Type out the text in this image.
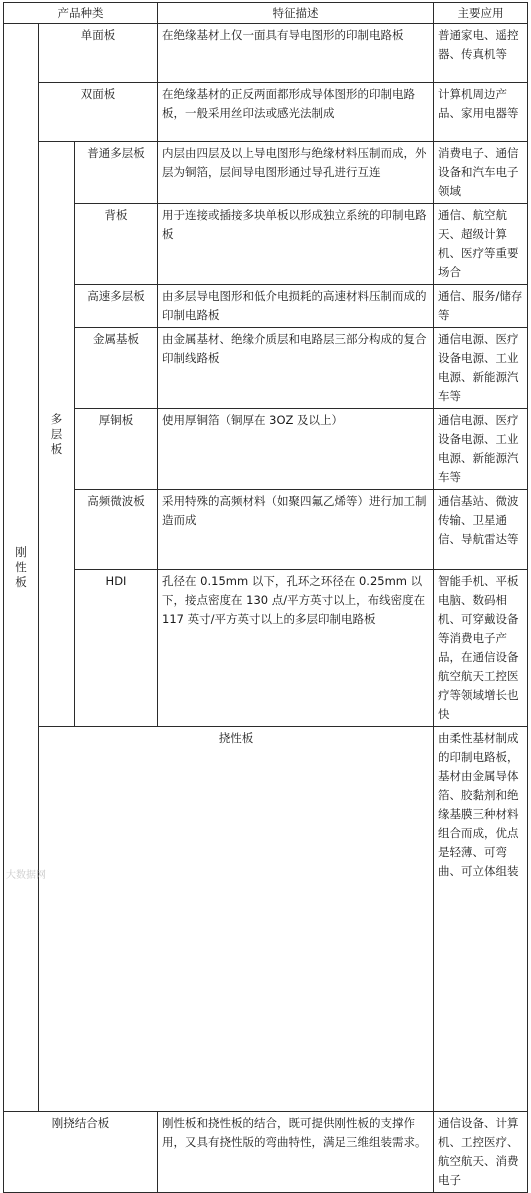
产品种类			特征描述	主要应用	

刚性板	单面板		在绝缘基材上仅一面具有导电图形的印制电路板	普通家电、遥控器、传真机等	
	双面板		在绝缘基材的正反两面都形成导体图形的印制电路板，一般采用丝印法或感光法制成	计算机周边产品、家用电器等	

	多层板	普通多层板	内层由四层及以上导电图形与绝缘材料压制而成，外层为铜箔，层间导电图形通过导孔进行互连	消费电子、通信设备和汽车电子领域	
		背板	用于连接或插接多块单板以形成独立系统的印制电路板	通信、航空航天、超级计算机、医疗等重要场合	
		高速多层板	由多层导电图形和低介电损耗的高速材料压制而成的印制电路板	通信、服务/储存等	
		金属基板	由金属基材、绝缘介质层和电路层三部分构成的复合印制线路板	通信电源、医疗设备电源、工业电源、新能源汽车等	
		厚铜板	使用厚铜箔（铜厚在 3OZ 及以上）	通信电源、医疗设备电源、工业电源、新能源汽车等	
		高频微波板	采用特殊的高频材料（如聚四氟乙烯等）进行加工制造而成	通信基站、微波传输、卫星通信、导航雷达等	
		HDI	孔径在 0.15mm 以下，孔环之环径在 0.25mm 以下，接点密度在 130 点/平方英寸以上，布线密度在 117 英寸/平方英寸以上的多层印制电路板	智能手机、平板电脑、数码相机、可穿戴设备等消费电子产品，在通信设备航空航天工控医疗等领域增长也快	
	挠性板			由柔性基材制成的印制电路板，基材由金属导体箔、胶黏剂和绝缘基膜三种材料组合而成，优点是轻薄、可弯曲、可立体组装	
刚挠结合板			刚性板和挠性板的结合，既可提供刚性板的支撑作用，又具有挠性版的弯曲特性，满足三维组装需求。	通信设备、计算机、工控医疗、航空航天、消费电子	
大数据网
